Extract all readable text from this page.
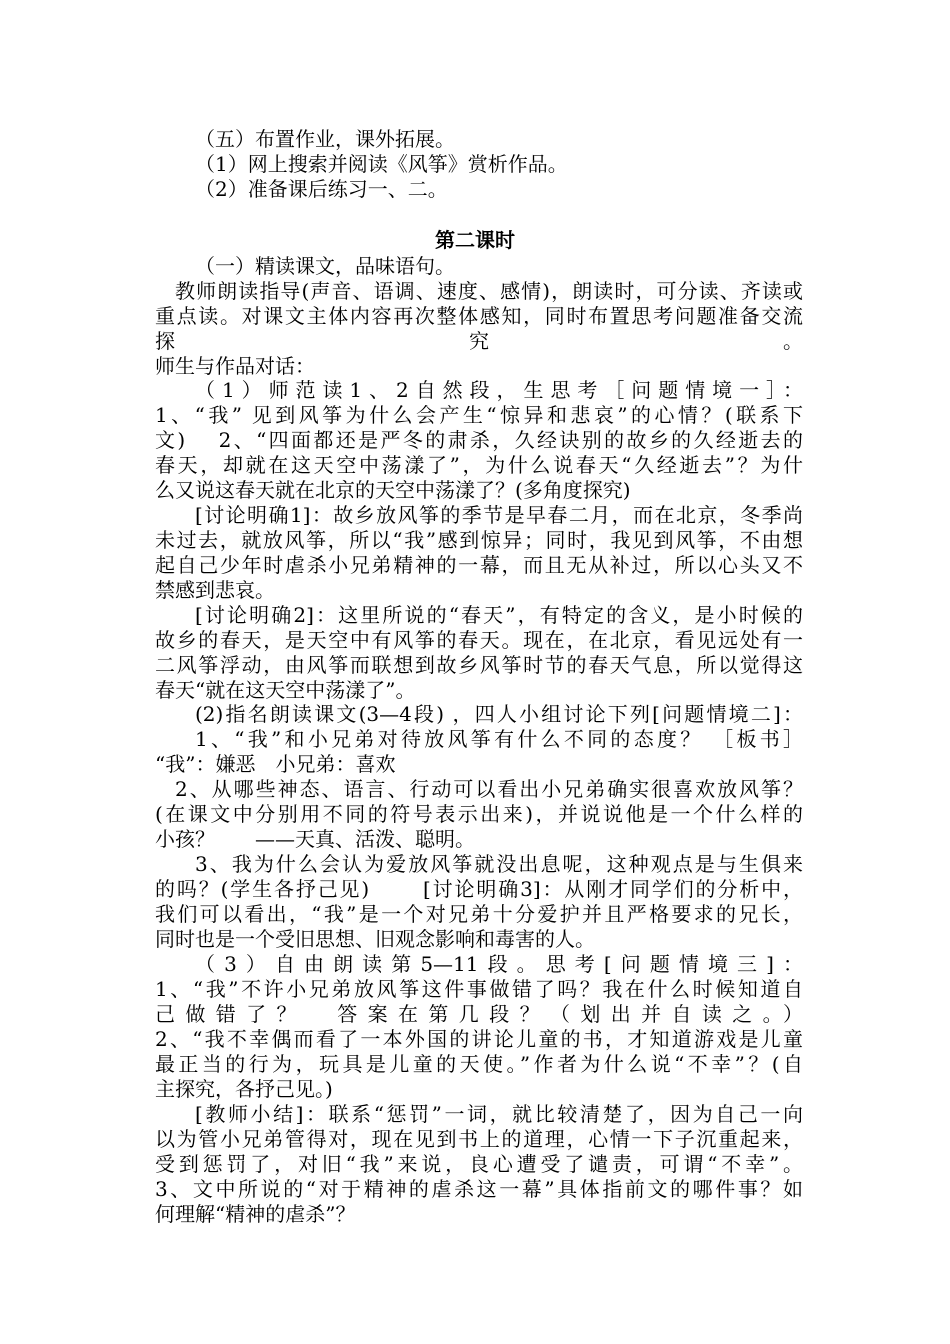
（五）布置作业，课外拓展。
（1）网上搜索并阅读《风筝》赏析作品。
（2）准备课后练习一、二。
第二课时
（一）精读课文，品味语句。
教师朗读指导(声音、语调、速度、感情)，朗读时，可分读、齐读或
重点读。对课文主体内容再次整体感知，同时布置思考问题准备交流
探　　　　　　　　　　　　究　　　　　　　　　　　　。
师生与作品对话：
（1）师范读1、2自然段，生思考［问题情境一］：
1、“我” 见到风筝为什么会产生“惊异和悲哀”的心情？(联系下
文)　 2、“四面都还是严冬的肃杀，久经诀别的故乡的久经逝去的
春天，却就在这天空中荡漾了”，为什么说春天“久经逝去”？为什
么又说这春天就在北京的天空中荡漾了？(多角度探究)
[讨论明确1]：故乡放风筝的季节是早春二月，而在北京，冬季尚
未过去，就放风筝，所以“我”感到惊异；同时，我见到风筝，不由想
起自己少年时虐杀小兄弟精神的一幕，而且无从补过，所以心头又不
禁感到悲哀。
[讨论明确2]：这里所说的“春天”，有特定的含义，是小时候的
故乡的春天，是天空中有风筝的春天。现在，在北京，看见远处有一
二风筝浮动，由风筝而联想到故乡风筝时节的春天气息，所以觉得这
春天“就在这天空中荡漾了”。
(2)指名朗读课文(3—4段) ，四人小组讨论下列[问题情境二]：
1、“我”和小兄弟对待放风筝有什么不同的态度？ ［板书］
“我”：嫌恶　小兄弟：喜欢
2、从哪些神态、语言、行动可以看出小兄弟确实很喜欢放风筝？
(在课文中分别用不同的符号表示出来)，并说说他是一个什么样的
小孩？　　——天真、活泼、聪明。
3、我为什么会认为爱放风筝就没出息呢，这种观点是与生俱来
的吗？(学生各抒己见)　　 [讨论明确3]：从刚才同学们的分析中，
我们可以看出，“我”是一个对兄弟十分爱护并且严格要求的兄长，
同时也是一个受旧思想、旧观念影响和毒害的人。
（3）自由朗读第5—11段。思考[问题情境三]：
1、“我”不许小兄弟放风筝这件事做错了吗？我在什么时候知道自
己做错了？　答案在第几段？（划出并自读之。）
2、“我不幸偶而看了一本外国的讲论儿童的书，才知道游戏是儿童
最正当的行为，玩具是儿童的天使。”作者为什么说“不幸”？(自
主探究，各抒己见。)
[教师小结]：联系“惩罚”一词，就比较清楚了，因为自己一向
以为管小兄弟管得对，现在见到书上的道理，心情一下子沉重起来，
受到惩罚了，对旧“我”来说，良心遭受了谴责，可谓“不幸”。
3、文中所说的“对于精神的虐杀这一幕”具体指前文的哪件事？如
何理解“精神的虐杀”？
